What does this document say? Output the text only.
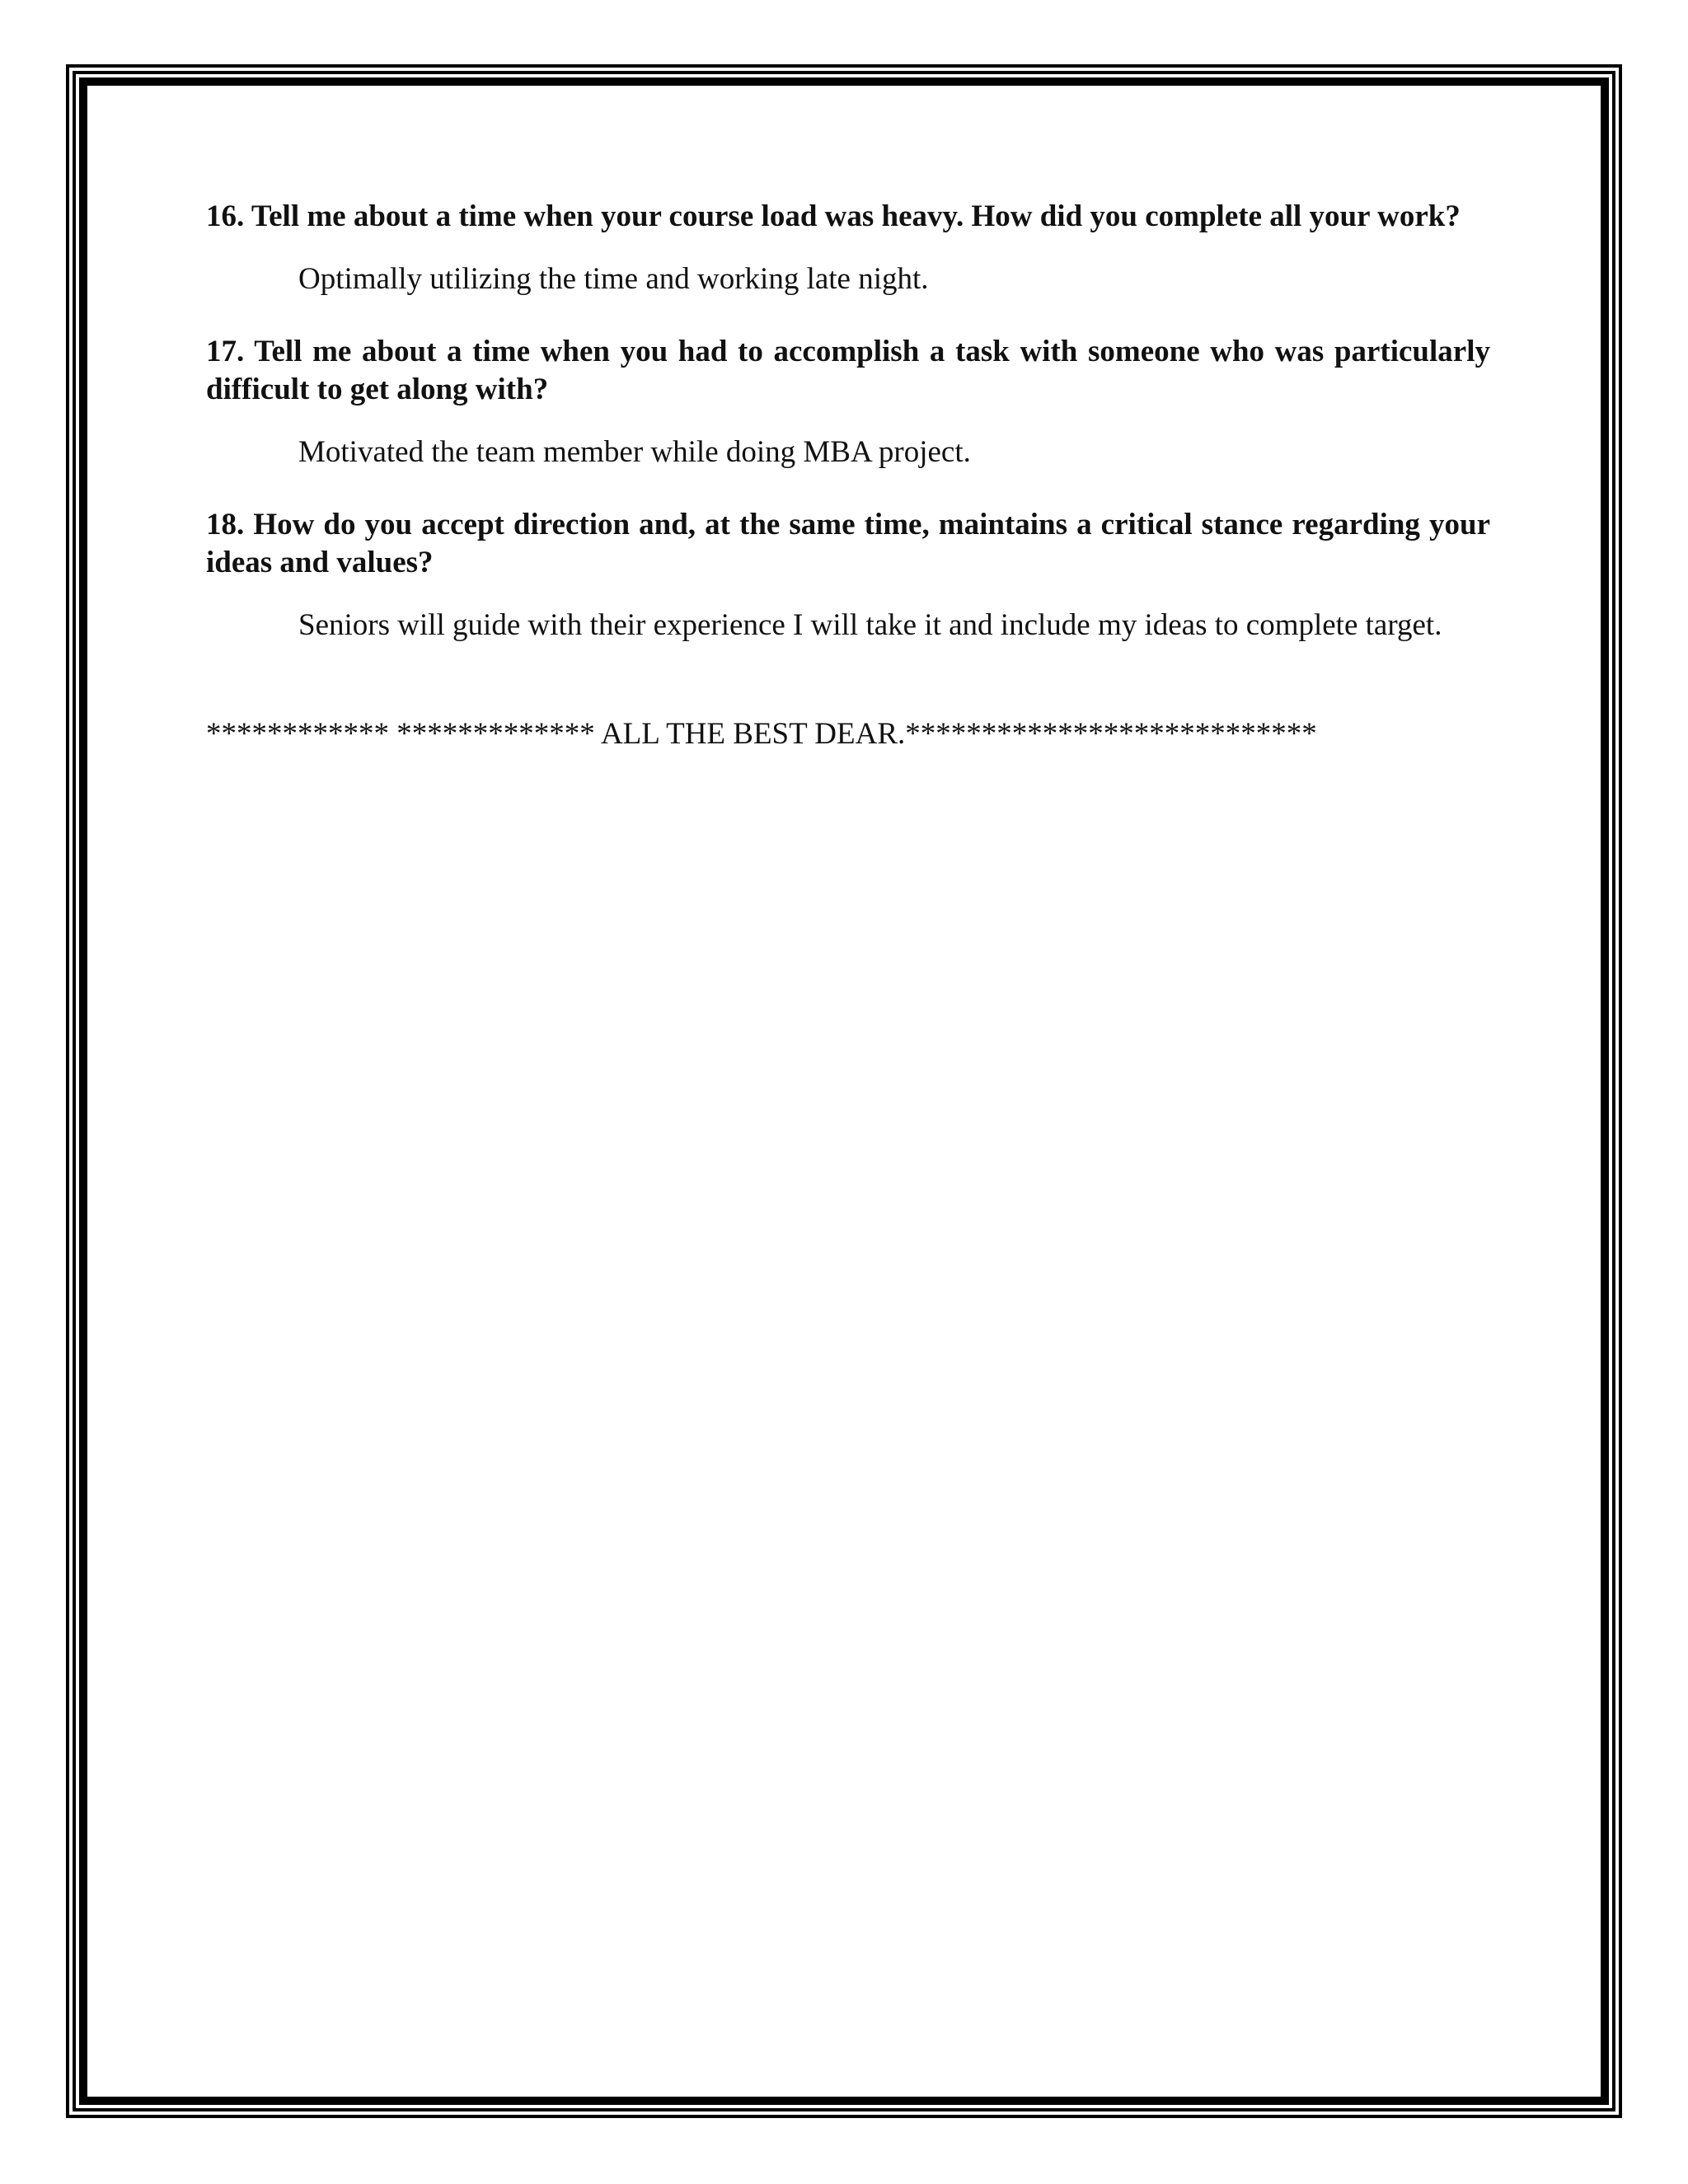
16. Tell me about a time when your course load was heavy. How did you complete all your work?

Optimally utilizing the time and working late night.

17. Tell me about a time when you had to accomplish a task with someone who was particularly difficult to get along with?

Motivated the team member while doing MBA project.

18. How do you accept direction and, at the same time, maintains a critical stance regarding your ideas and values?

Seniors will guide with their experience I will take it and include my ideas to complete target.

************ ************* ALL THE BEST DEAR.***************************
